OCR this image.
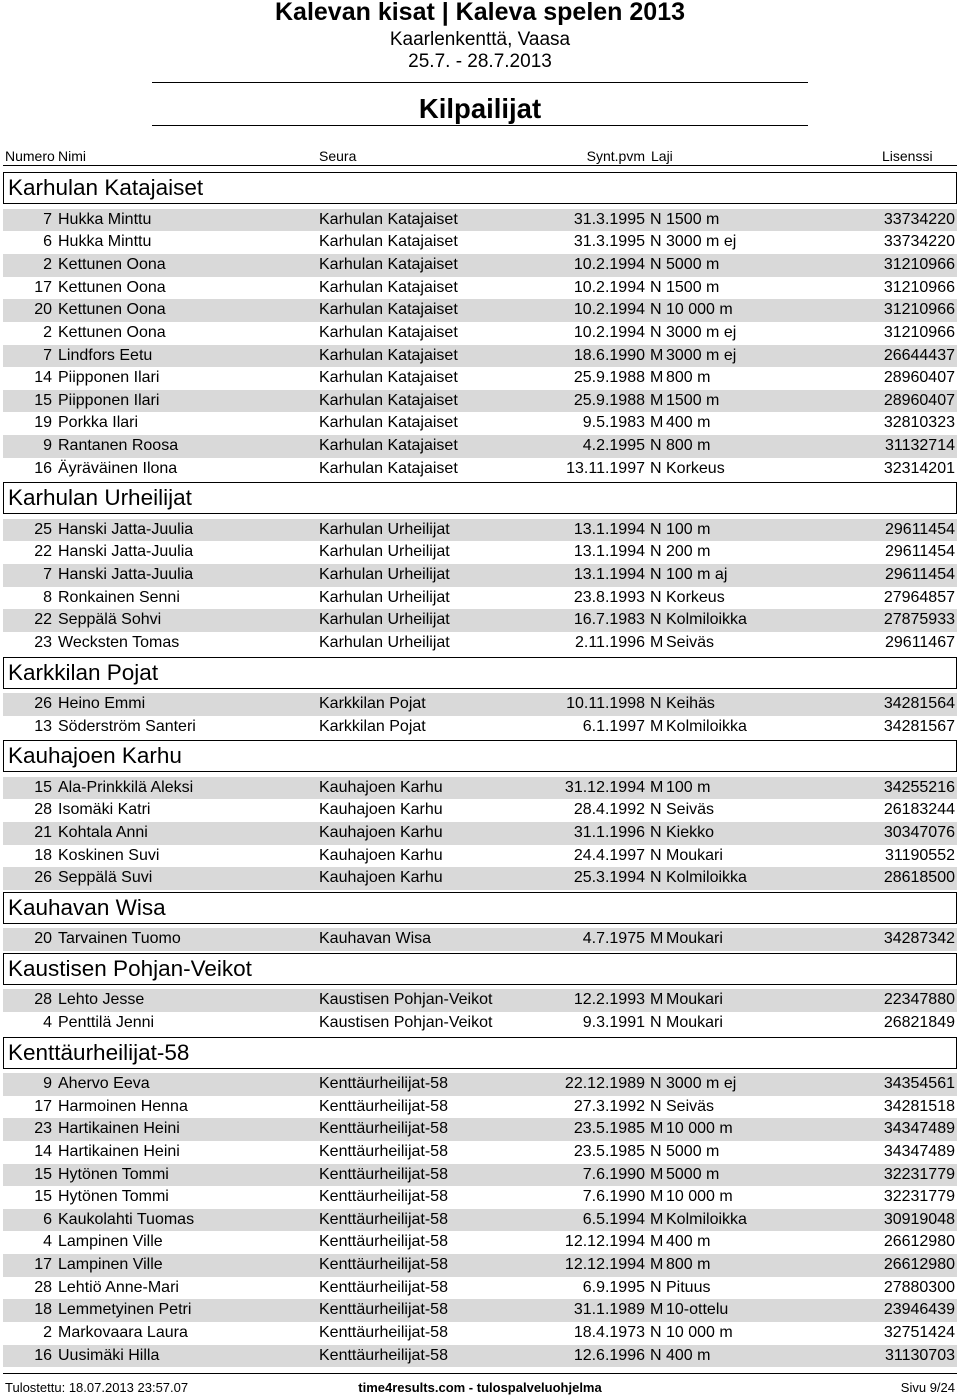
Kalevan kisat | Kaleva spelen 2013
Kaarlenkenttä, Vaasa
25.7. - 28.7.2013
Kilpailijat
Numero Nimi	Seura	Synt.pvm Laji	Lisenssi
Karhulan Katajaiset
7 Hukka Minttu	Karhulan Katajaiset	31.3.1995 N 1500 m	33734220
6 Hukka Minttu	Karhulan Katajaiset	31.3.1995 N 3000 m ej	33734220
2 Kettunen Oona	Karhulan Katajaiset	10.2.1994 N 5000 m	31210966
17 Kettunen Oona	Karhulan Katajaiset	10.2.1994 N 1500 m	31210966
20 Kettunen Oona	Karhulan Katajaiset	10.2.1994 N 10 000 m	31210966
2 Kettunen Oona	Karhulan Katajaiset	10.2.1994 N 3000 m ej	31210966
7 Lindfors Eetu	Karhulan Katajaiset	18.6.1990 M 3000 m ej	26644437
14 Piipponen Ilari	Karhulan Katajaiset	25.9.1988 M 800 m	28960407
15 Piipponen Ilari	Karhulan Katajaiset	25.9.1988 M 1500 m	28960407
19 Porkka Ilari	Karhulan Katajaiset	9.5.1983 M 400 m	32810323
9 Rantanen Roosa	Karhulan Katajaiset	4.2.1995 N 800 m	31132714
16 Äyräväinen Ilona	Karhulan Katajaiset	13.11.1997 N Korkeus	32314201
Karhulan Urheilijat
25 Hanski Jatta-Juulia	Karhulan Urheilijat	13.1.1994 N 100 m	29611454
22 Hanski Jatta-Juulia	Karhulan Urheilijat	13.1.1994 N 200 m	29611454
7 Hanski Jatta-Juulia	Karhulan Urheilijat	13.1.1994 N 100 m aj	29611454
8 Ronkainen Senni	Karhulan Urheilijat	23.8.1993 N Korkeus	27964857
22 Seppälä Sohvi	Karhulan Urheilijat	16.7.1983 N Kolmiloikka	27875933
23 Wecksten Tomas	Karhulan Urheilijat	2.11.1996 M Seiväs	29611467
Karkkilan Pojat
26 Heino Emmi	Karkkilan Pojat	10.11.1998 N Keihäs	34281564
13 Söderström Santeri	Karkkilan Pojat	6.1.1997 M Kolmiloikka	34281567
Kauhajoen Karhu
15 Ala-Prinkkilä Aleksi	Kauhajoen Karhu	31.12.1994 M 100 m	34255216
28 Isomäki Katri	Kauhajoen Karhu	28.4.1992 N Seiväs	26183244
21 Kohtala Anni	Kauhajoen Karhu	31.1.1996 N Kiekko	30347076
18 Koskinen Suvi	Kauhajoen Karhu	24.4.1997 N Moukari	31190552
26 Seppälä Suvi	Kauhajoen Karhu	25.3.1994 N Kolmiloikka	28618500
Kauhavan Wisa
20 Tarvainen Tuomo	Kauhavan Wisa	4.7.1975 M Moukari	34287342
Kaustisen Pohjan-Veikot
28 Lehto Jesse	Kaustisen Pohjan-Veikot	12.2.1993 M Moukari	22347880
4 Penttilä Jenni	Kaustisen Pohjan-Veikot	9.3.1991 N Moukari	26821849
Kenttäurheilijat-58
9 Ahervo Eeva	Kenttäurheilijat-58	22.12.1989 N 3000 m ej	34354561
17 Harmoinen Henna	Kenttäurheilijat-58	27.3.1992 N Seiväs	34281518
23 Hartikainen Heini	Kenttäurheilijat-58	23.5.1985 M 10 000 m	34347489
14 Hartikainen Heini	Kenttäurheilijat-58	23.5.1985 N 5000 m	34347489
15 Hytönen Tommi	Kenttäurheilijat-58	7.6.1990 M 5000 m	32231779
15 Hytönen Tommi	Kenttäurheilijat-58	7.6.1990 M 10 000 m	32231779
6 Kaukolahti Tuomas	Kenttäurheilijat-58	6.5.1994 M Kolmiloikka	30919048
4 Lampinen Ville	Kenttäurheilijat-58	12.12.1994 M 400 m	26612980
17 Lampinen Ville	Kenttäurheilijat-58	12.12.1994 M 800 m	26612980
28 Lehtiö Anne-Mari	Kenttäurheilijat-58	6.9.1995 N Pituus	27880300
18 Lemmetyinen Petri	Kenttäurheilijat-58	31.1.1989 M 10-ottelu	23946439
2 Markovaara Laura	Kenttäurheilijat-58	18.4.1973 N 10 000 m	32751424
16 Uusimäki Hilla	Kenttäurheilijat-58	12.6.1996 N 400 m	31130703
Tulostettu: 18.07.2013 23:57.07	time4results.com - tulospalveluohjelma	Sivu 9/24
